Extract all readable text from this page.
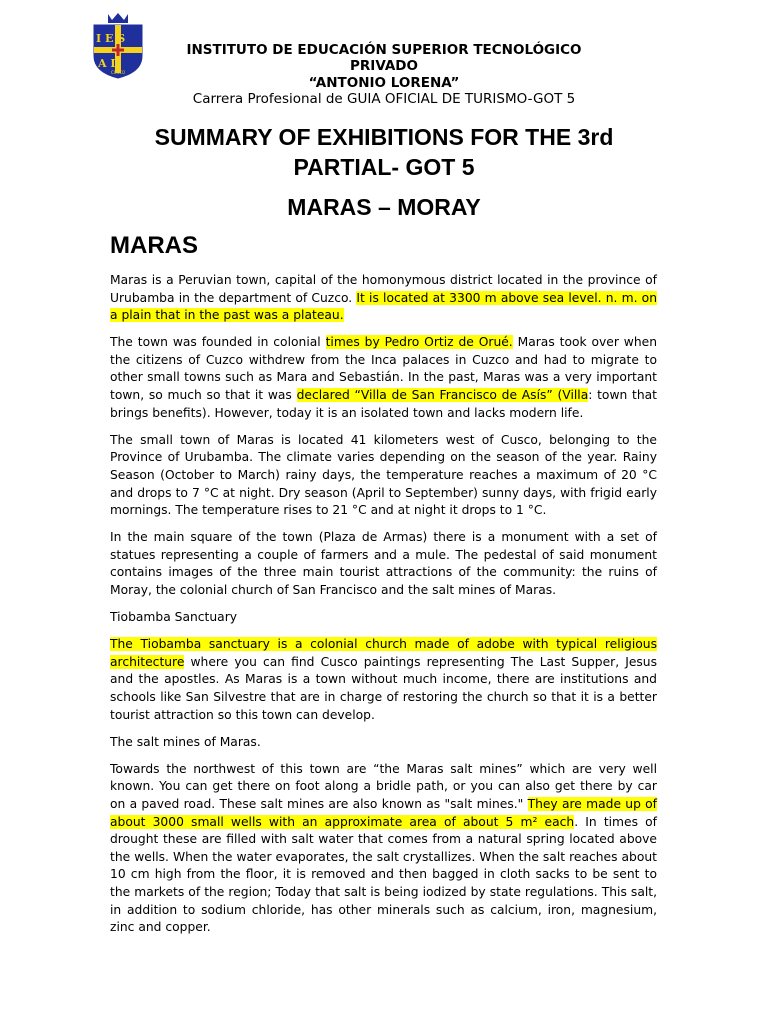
I E S
A L
CUSCO
INSTITUTO DE EDUCACIÓN SUPERIOR TECNOLÓGICO
PRIVADO
“ANTONIO LORENA”
Carrera Profesional de GUIA OFICIAL DE TURISMO-GOT 5
SUMMARY OF EXHIBITIONS FOR THE 3rd PARTIAL- GOT 5
MARAS – MORAY
MARAS

Maras is a Peruvian town, capital of the homonymous district located in the province of Urubamba in the department of Cuzco. It is located at 3300 m above sea level. n. m. on a plain that in the past was a plateau.

The town was founded in colonial times by Pedro Ortiz de Orué. Maras took over when the citizens of Cuzco withdrew from the Inca palaces in Cuzco and had to migrate to other small towns such as Mara and Sebastián. In the past, Maras was a very important town, so much so that it was declared “Villa de San Francisco de Asís” (Villa: town that brings benefits). However, today it is an isolated town and lacks modern life.

The small town of Maras is located 41 kilometers west of Cusco, belonging to the Province of Urubamba. The climate varies depending on the season of the year. Rainy Season (October to March) rainy days, the temperature reaches a maximum of 20 °C and drops to 7 °C at night. Dry season (April to September) sunny days, with frigid early mornings. The temperature rises to 21 °C and at night it drops to 1 °C.

In the main square of the town (Plaza de Armas) there is a monument with a set of statues representing a couple of farmers and a mule. The pedestal of said monument contains images of the three main tourist attractions of the community: the ruins of Moray, the colonial church of San Francisco and the salt mines of Maras.

Tiobamba Sanctuary

The Tiobamba sanctuary is a colonial church made of adobe with typical religious architecture where you can find Cusco paintings representing The Last Supper, Jesus and the apostles. As Maras is a town without much income, there are institutions and schools like San Silvestre that are in charge of restoring the church so that it is a better tourist attraction so this town can develop.

The salt mines of Maras.

Towards the northwest of this town are “the Maras salt mines” which are very well known. You can get there on foot along a bridle path, or you can also get there by car on a paved road. These salt mines are also known as "salt mines." They are made up of about 3000 small wells with an approximate area of about 5 m² each. In times of drought these are filled with salt water that comes from a natural spring located above the wells. When the water evaporates, the salt crystallizes. When the salt reaches about 10 cm high from the floor, it is removed and then bagged in cloth sacks to be sent to the markets of the region; Today that salt is being iodized by state regulations. This salt, in addition to sodium chloride, has other minerals such as calcium, iron, magnesium, zinc and copper.
